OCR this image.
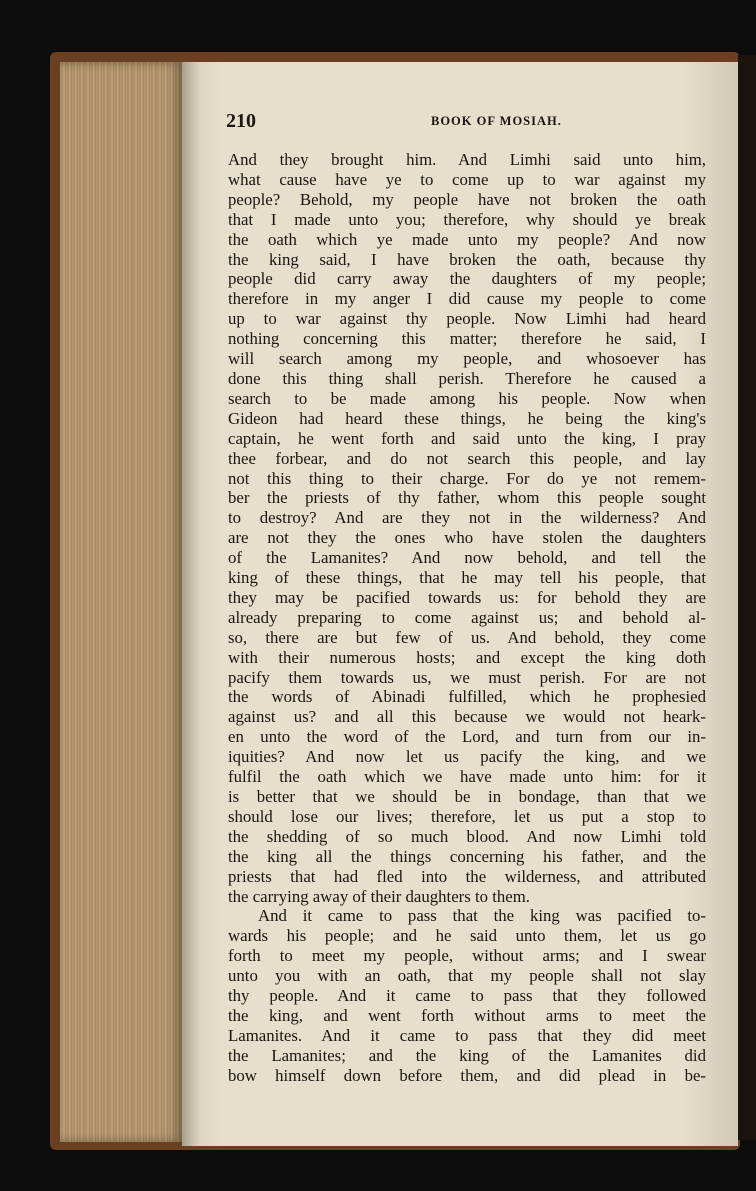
210	BOOK OF MOSIAH.
And they brought him. And Limhi said unto him,
what cause have ye to come up to war against my
people? Behold, my people have not broken the oath
that I made unto you; therefore, why should ye break
the oath which ye made unto my people? And now
the king said, I have broken the oath, because thy
people did carry away the daughters of my people;
therefore in my anger I did cause my people to come
up to war against thy people. Now Limhi had heard
nothing concerning this matter; therefore he said, I
will search among my people, and whosoever has
done this thing shall perish. Therefore he caused a
search to be made among his people. Now when
Gideon had heard these things, he being the king's
captain, he went forth and said unto the king, I pray
thee forbear, and do not search this people, and lay
not this thing to their charge. For do ye not remem-
ber the priests of thy father, whom this people sought
to destroy? And are they not in the wilderness? And
are not they the ones who have stolen the daughters
of the Lamanites? And now behold, and tell the
king of these things, that he may tell his people, that
they may be pacified towards us: for behold they are
already preparing to come against us; and behold al-
so, there are but few of us. And behold, they come
with their numerous hosts; and except the king doth
pacify them towards us, we must perish. For are not
the words of Abinadi fulfilled, which he prophesied
against us? and all this because we would not heark-
en unto the word of the Lord, and turn from our in-
iquities? And now let us pacify the king, and we
fulfil the oath which we have made unto him: for it
is better that we should be in bondage, than that we
should lose our lives; therefore, let us put a stop to
the shedding of so much blood. And now Limhi told
the king all the things concerning his father, and the
priests that had fled into the wilderness, and attributed
the carrying away of their daughters to them.
And it came to pass that the king was pacified to-
wards his people; and he said unto them, let us go
forth to meet my people, without arms; and I swear
unto you with an oath, that my people shall not slay
thy people. And it came to pass that they followed
the king, and went forth without arms to meet the
Lamanites. And it came to pass that they did meet
the Lamanites; and the king of the Lamanites did
bow himself down before them, and did plead in be-
